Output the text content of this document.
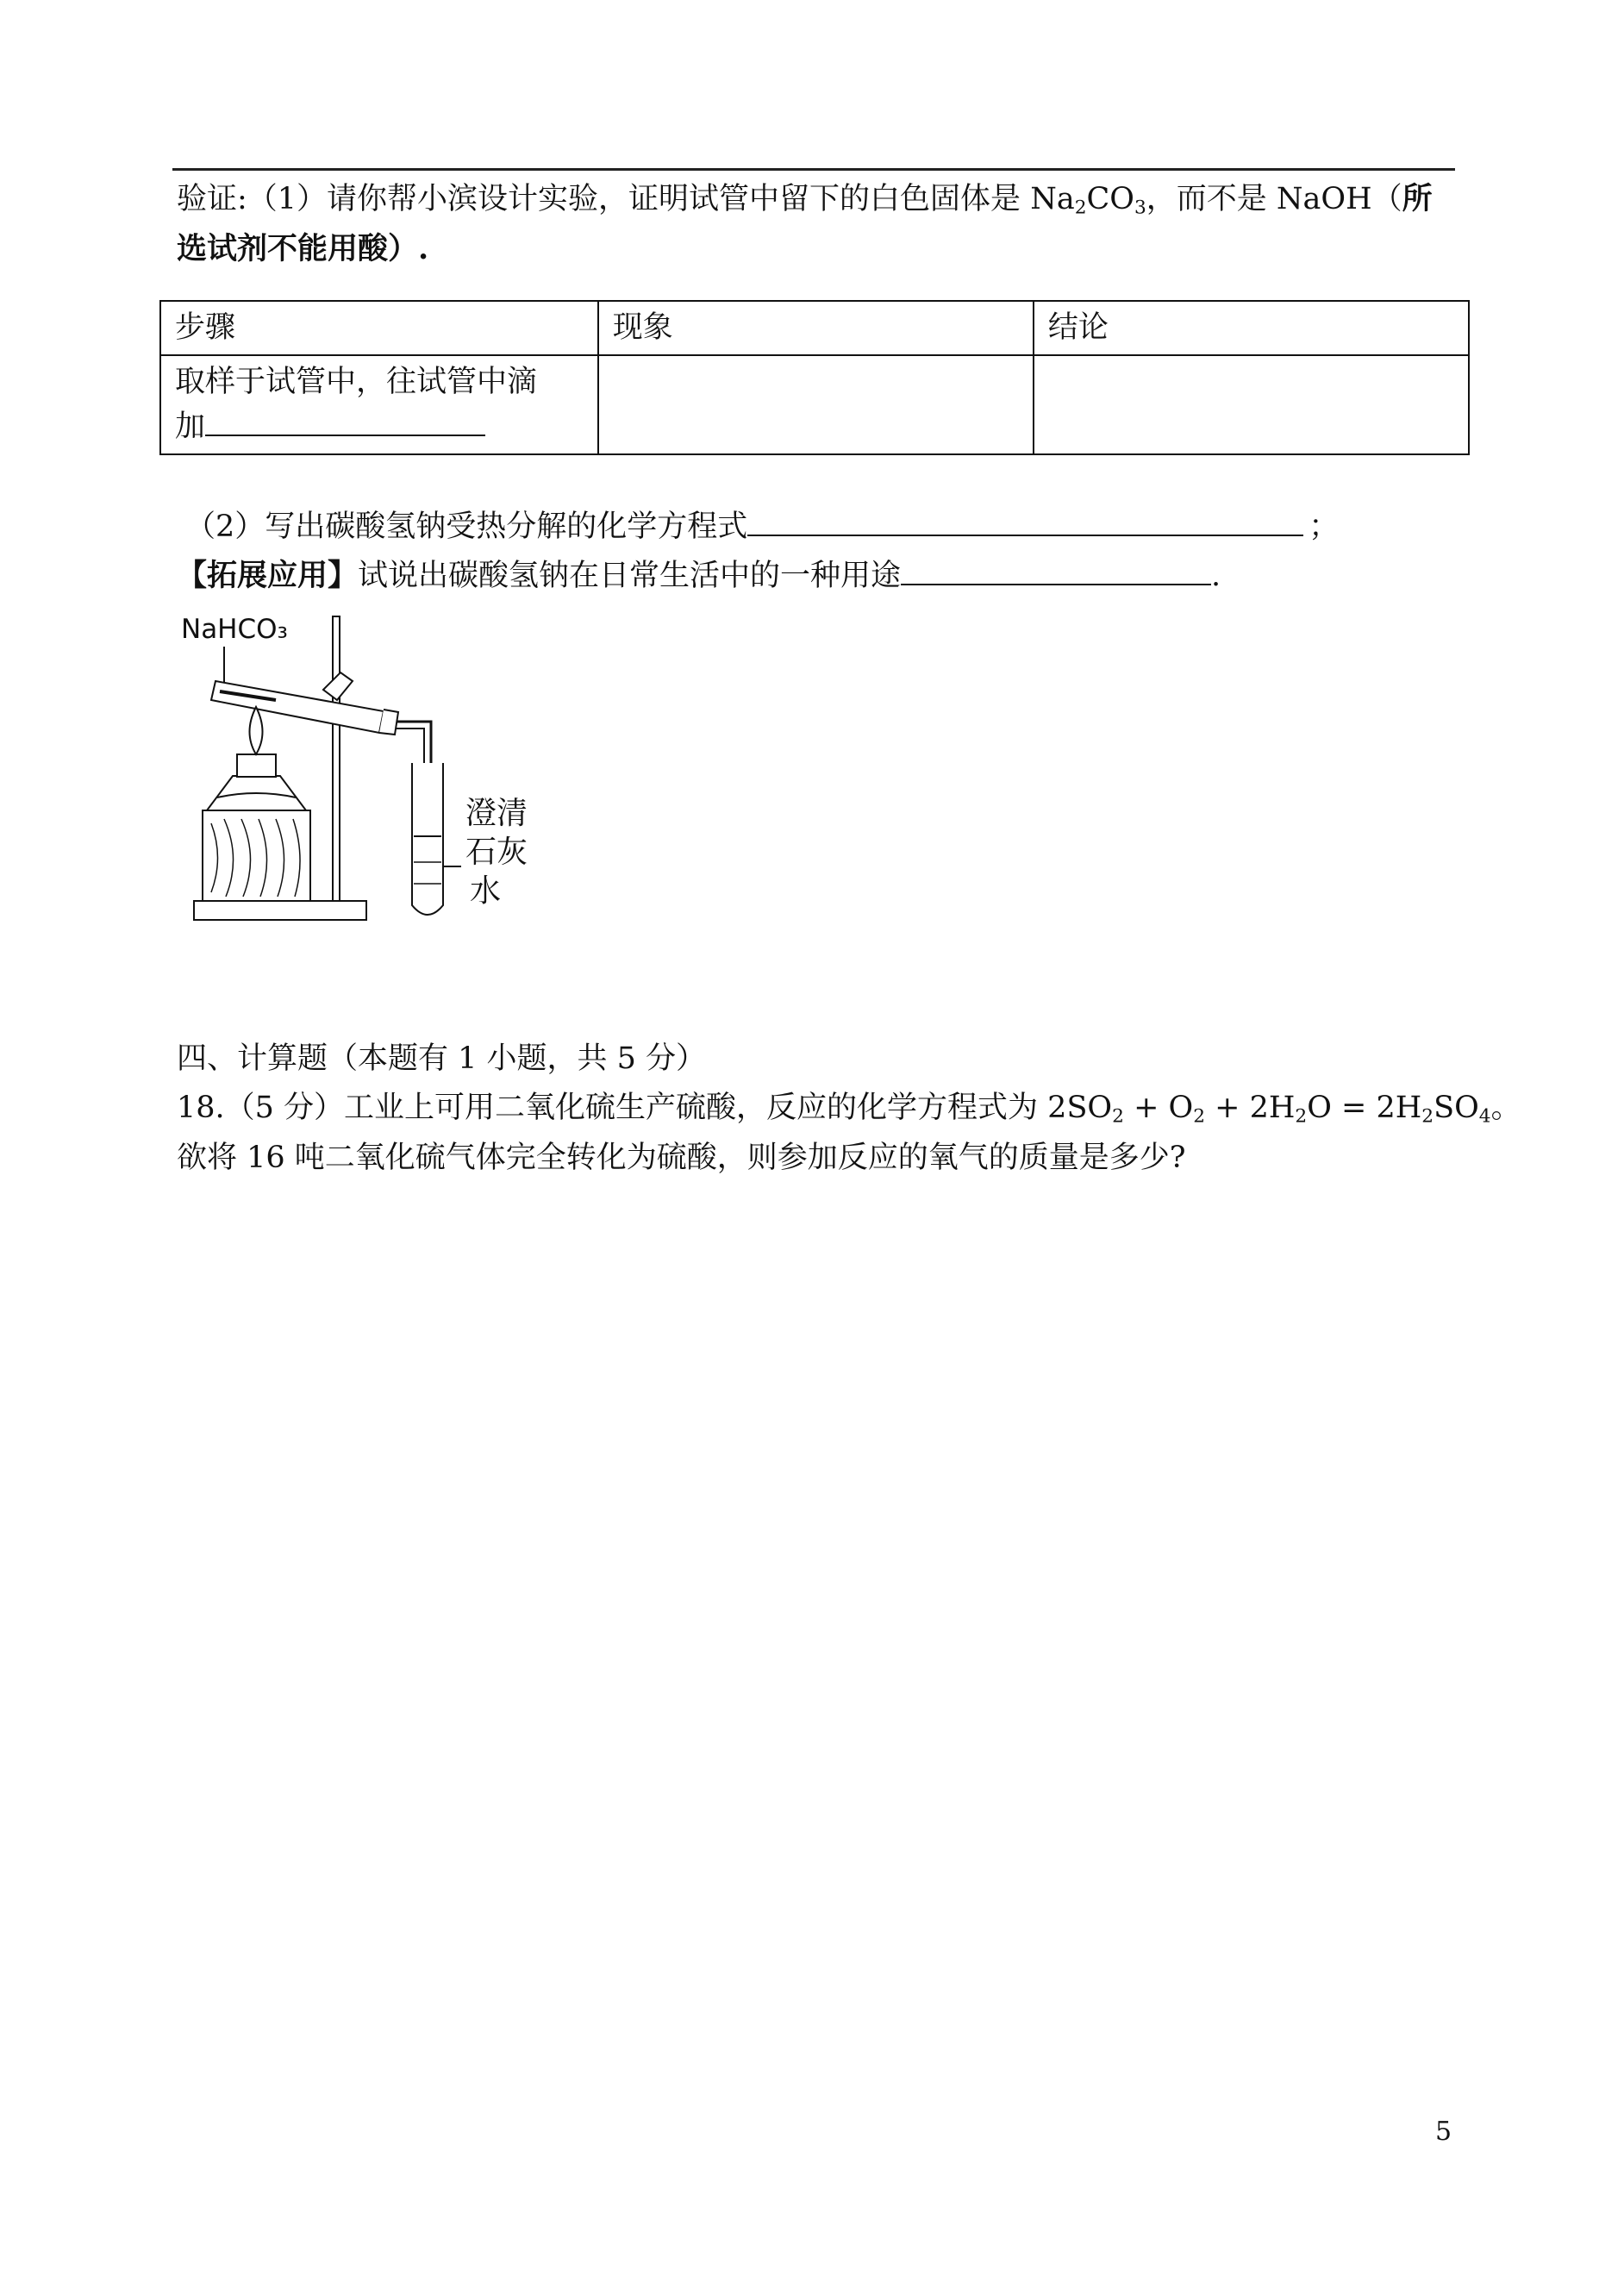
验证:（1）请你帮小滨设计实验，证明试管中留下的白色固体是 $Na_2CO_3$，而不是 NaOH（所
选试剂不能用酸）.
步骤	现象	结论

取样于试管中，往试管中滴
加		

（2）写出碳酸氢钠受热分解的化学方程式	；
【拓展应用】试说出碳酸氢钠在日常生活中的一种用途	.
NaHCO₃
澄清
石灰
水
四、计算题（本题有 1 小题，共 5 分）
18.（5 分）工业上可用二氧化硫生产硫酸，反应的化学方程式为 $2SO_2 + O_2 + 2H_2O = 2H_2SO_4$。
欲将 16 吨二氧化硫气体完全转化为硫酸，则参加反应的氧气的质量是多少?
5
